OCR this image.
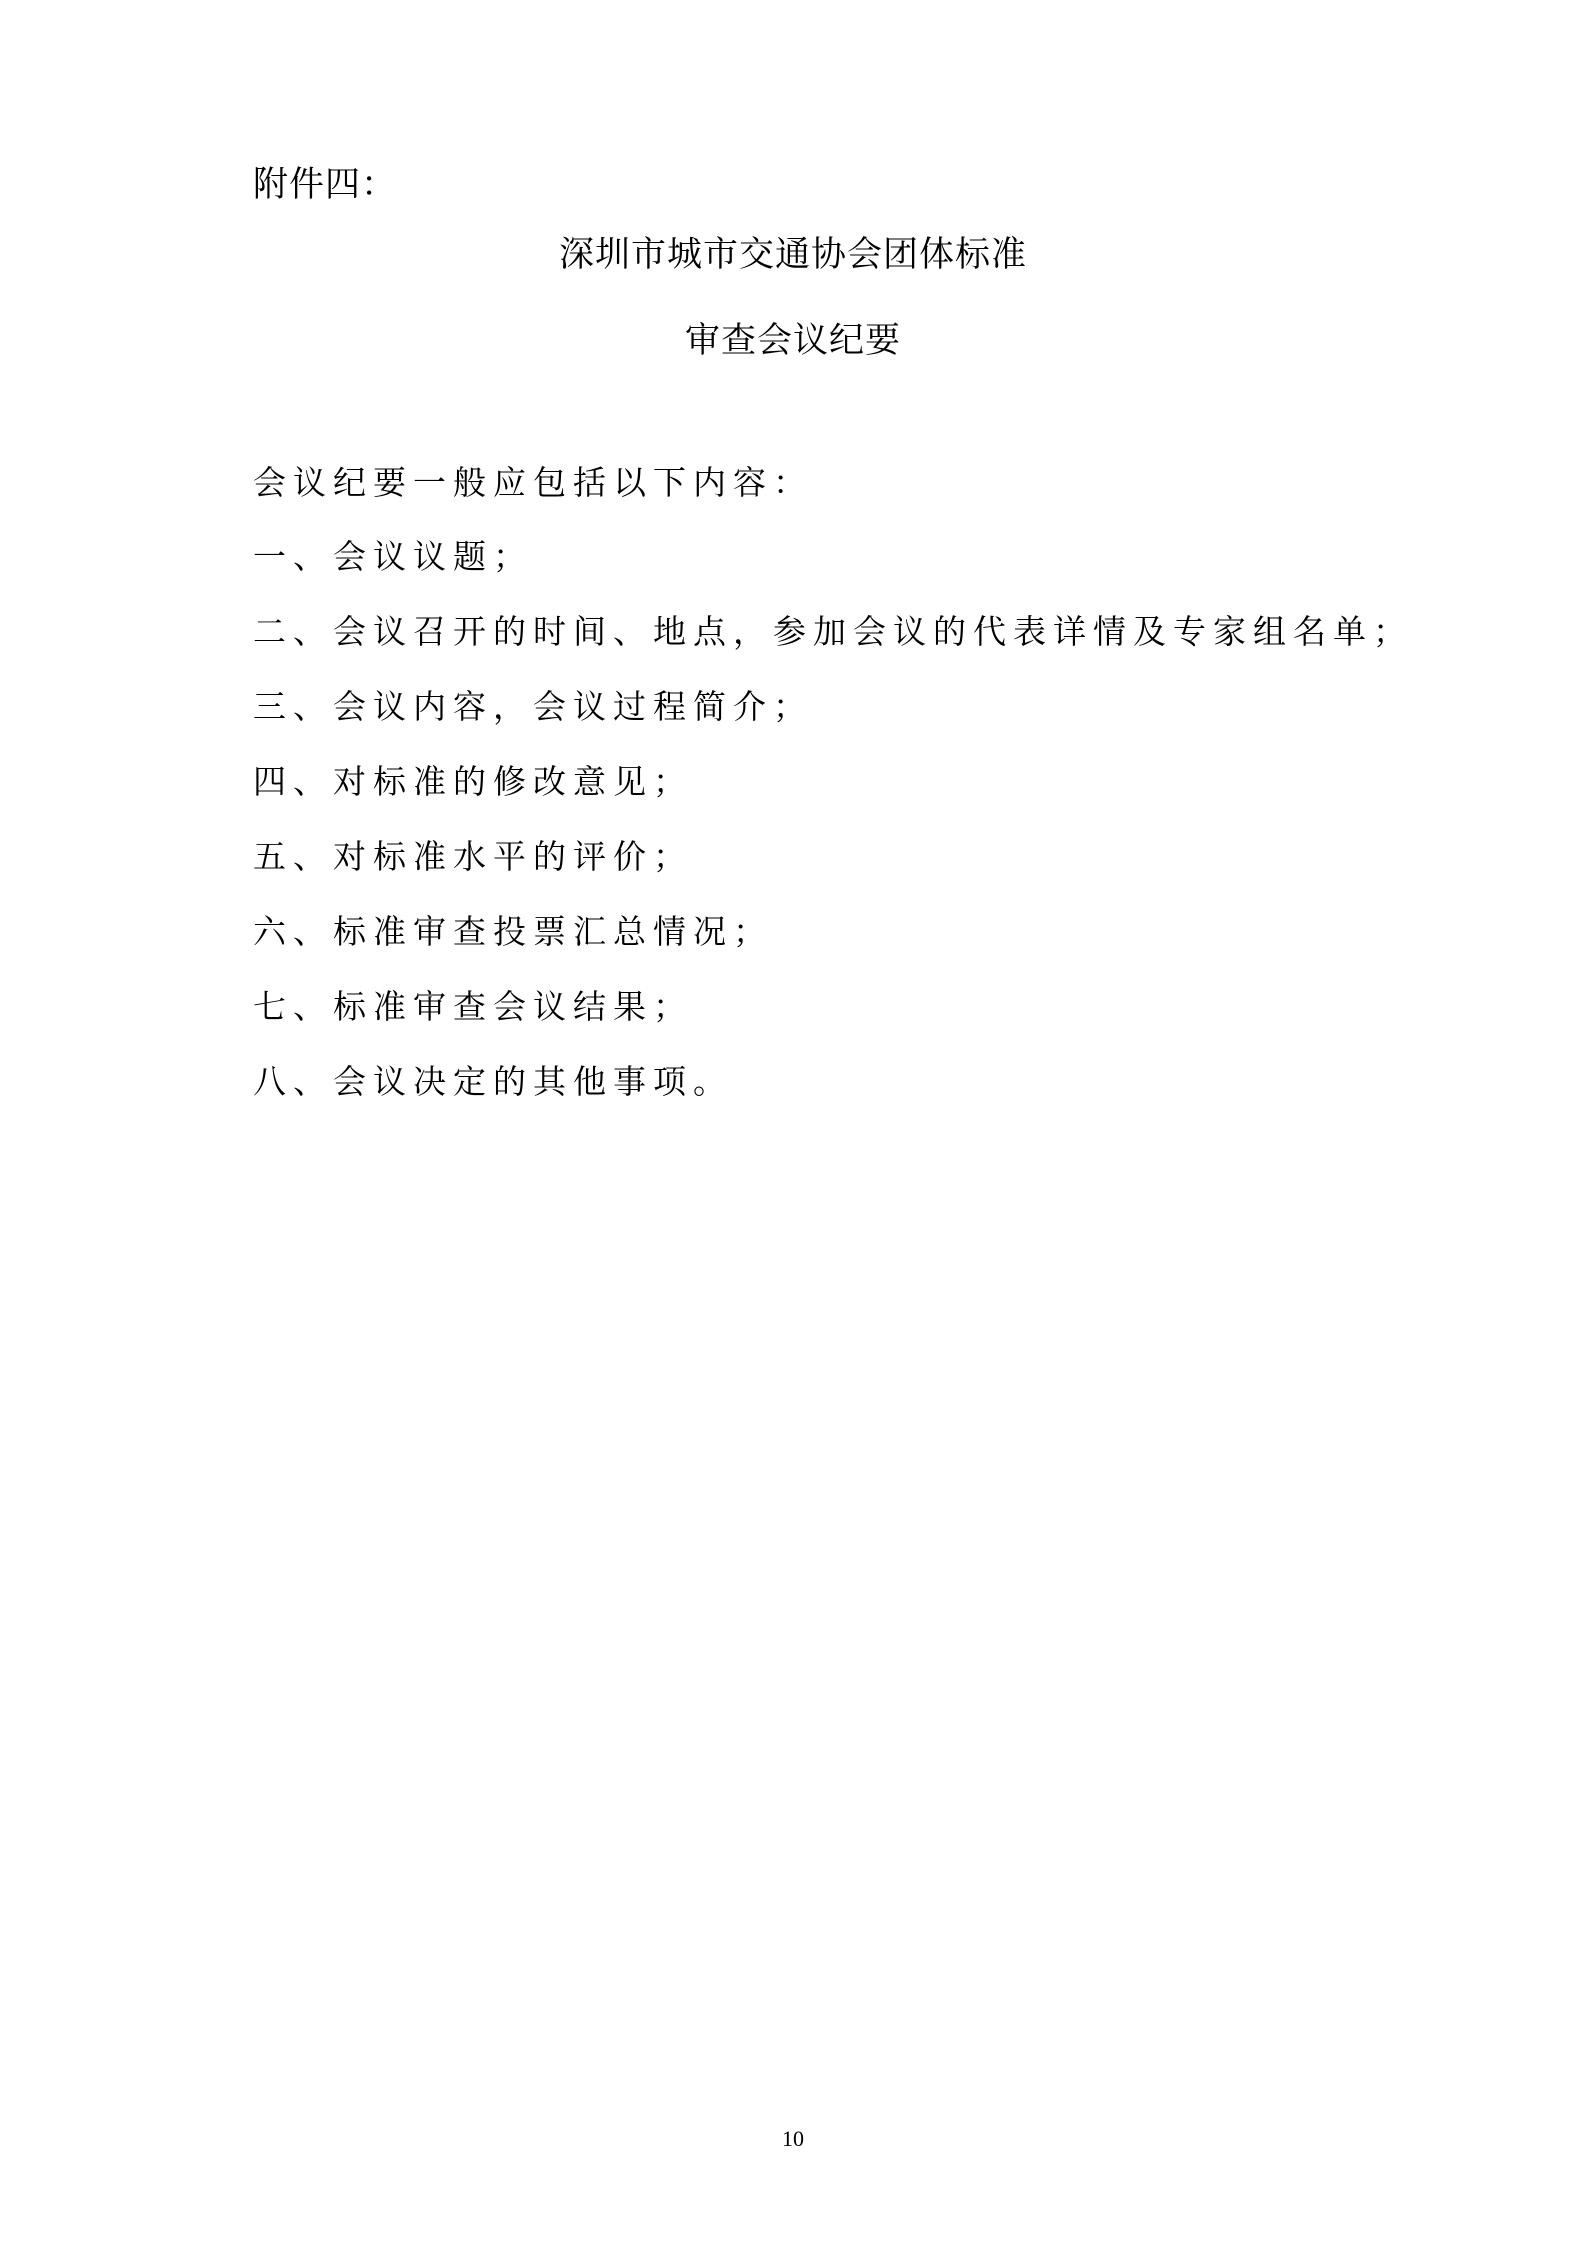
附件四：
深圳市城市交通协会团体标准
审查会议纪要
会议纪要一般应包括以下内容：
一、会议议题；
二、会议召开的时间、地点，参加会议的代表详情及专家组名单；
三、会议内容，会议过程简介；
四、对标准的修改意见；
五、对标准水平的评价；
六、标准审查投票汇总情况；
七、标准审查会议结果；
八、会议决定的其他事项。
10
